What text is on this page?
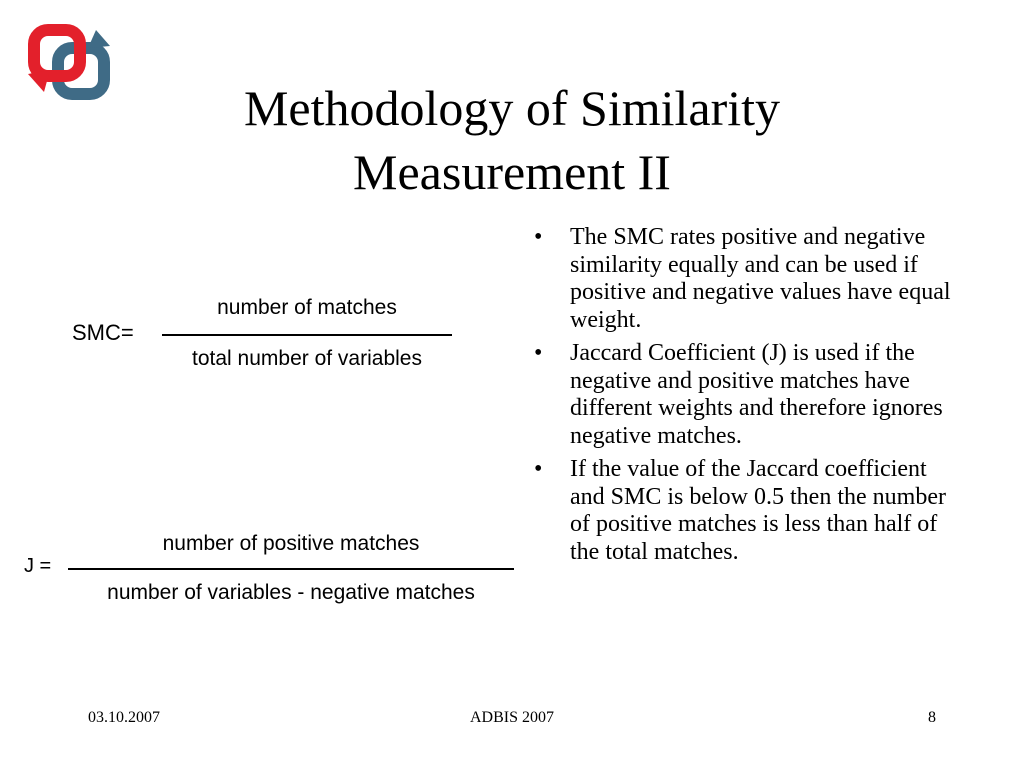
Methodology of Similarity
Measurement II
SMC=
number of matches
total number of variables
J =
number of positive matches
number of variables - negative matches
• The SMC rates positive and negative similarity equally and can be used if positive and negative values have equal weight.
• Jaccard Coefficient (J) is used if the negative and positive matches have different weights and therefore ignores negative matches.
• If the value of the Jaccard coefficient and SMC is below 0.5 then the number of positive matches is less than half of the total matches.
03.10.2007	ADBIS 2007	8
